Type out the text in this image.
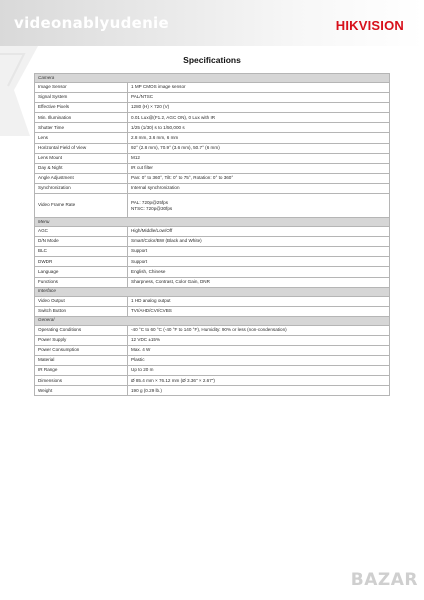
videonablyudenie	HIKVISION
Specifications
Camera	
Image Sensor	1 MP CMOS image sensor
Signal System	PAL/NTSC
Effective Pixels	1280 (H) × 720 (V)
Min. Illumination	0.01 Lux@(F1.2, AGC ON), 0 Lux with IR
Shutter Time	1/25 (1/30) s to 1/50,000 s
Lens	2.8 mm, 3.6 mm, 6 mm
Horizontal Field of View	92° (2.8 mm), 70.9° (3.6 mm), 50.7° (6 mm)
Lens Mount	M12
Day & Night	IR cut filter
Angle Adjustment	Pan: 0° to 360°, Tilt: 0° to 75°, Rotation: 0° to 360°
Synchronization	Internal synchronization
Video Frame Rate	PAL: 720p@25fps
NTSC: 720p@30fps

Menu	
AGC	High/Middle/Low/Off
D/N Mode	Smart/Color/BW (Black and White)
BLC	Support
DWDR	Support
Language	English, Chinese
Functions	Sharpness, Contrast, Color Gain, DNR
Interface	
Video Output	1 HD analog output
Switch Button	TVI/AHD/CVI/CVBS
General	
Operating Conditions	-40 °C to 60 °C (-40 °F to 140 °F), Humidity: 90% or less (non-condensation)
Power Supply	12 VDC ±15%
Power Consumption	Max. 4 W
Material	Plastic
IR Range	Up to 20 m
Dimensions	Ø 85.4 mm × 76.12 mm (Ø 3.36" × 2.67")
Weight	190 g (0.29 lb.)
BAZAR
